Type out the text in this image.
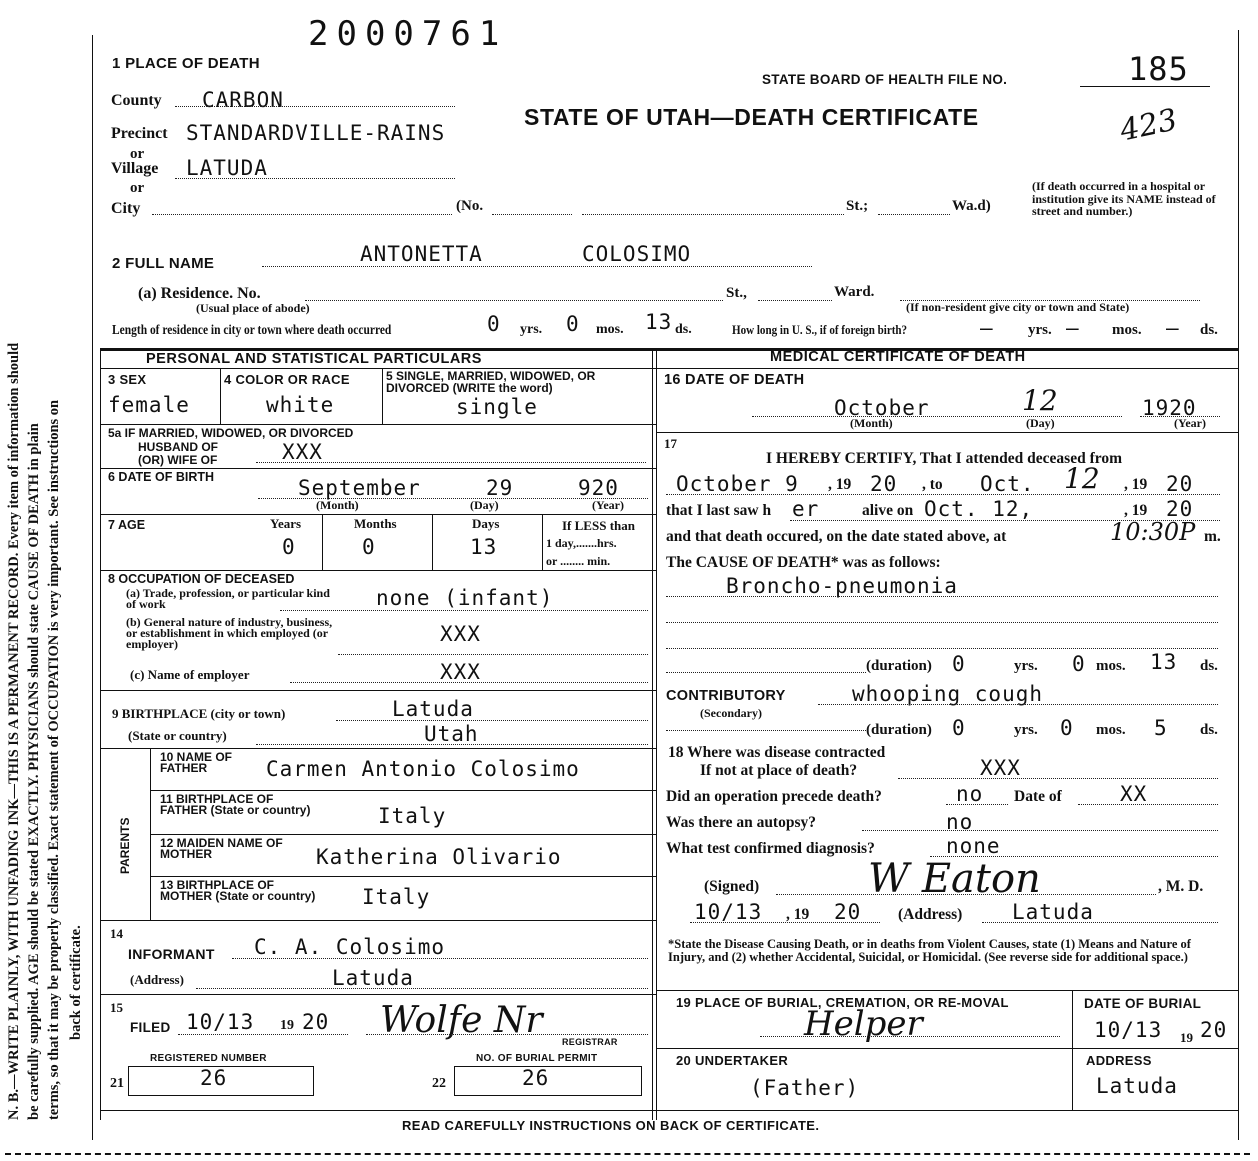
N. B.—WRITE PLAINLY, WITH UNFADING INK—THIS IS A PERMANENT RECORD. Every item of information should be carefully supplied. AGE should be stated EXACTLY. PHYSICIANS should state CAUSE OF DEATH in plain terms, so that it may be properly classified. Exact statement of OCCUPATION is very important. See instructions on back of certificate.
2000761
1 PLACE OF DEATH
STATE BOARD OF HEALTH FILE NO.	185
423
STATE OF UTAH—DEATH CERTIFICATE
County CARBON
Precinct STANDARDVILLE-RAINS
or
Village LATUDA
or
City	(No.	St.;	Wa.d)
(If death occurred in a hospital or institution give its NAME instead of street and number.)
2 FULL NAME	ANTONETTA	COLOSIMO
(a) Residence. No.
(Usual place of abode)
St.,	Ward.
(If non-resident give city or town and State)
Length of residence in city or town where death occurred	0 yrs. 0 mos. 13 ds.	How long in U. S., if of foreign birth?	— yrs. — mos. — ds.
PERSONAL AND STATISTICAL PARTICULARS	MEDICAL CERTIFICATE OF DEATH
3 SEX
female
4 COLOR OR RACE
white
5 SINGLE, MARRIED, WIDOWED, OR DIVORCED (WRITE the word)
single
5a IF MARRIED, WIDOWED, OR DIVORCED
HUSBAND OF
(OR) WIFE OF	XXX
6 DATE OF BIRTH	September	29	920
(Month)	(Day)	(Year)
7 AGE	Years	Months	Days
0	0	13
If LESS than
1 day,.......hrs.
or ........ min.
8 OCCUPATION OF DECEASED
(a) Trade, profession, or particular kind of work	none (infant)
(b) General nature of industry, business, or establishment in which employed (or employer)	XXX
(c) Name of employer	XXX
9 BIRTHPLACE (city or town)	Latuda
(State or country)	Utah
PARENTS
10 NAME OF FATHER	Carmen Antonio Colosimo
11 BIRTHPLACE OF FATHER (State or country)	Italy
12 MAIDEN NAME OF MOTHER	Katherina Olivario
13 BIRTHPLACE OF MOTHER (State or country) Italy
14
INFORMANT C. A. Colosimo
(Address)	Latuda
15
FILED 10/13 19 20 Wolfe Nr
REGISTRAR
REGISTERED NUMBER	NO. OF BURIAL PERMIT
21	26	22	26
16 DATE OF DEATH
October	12	1920
(Month)	(Day)	(Year)
17
I HEREBY CERTIFY, That I attended deceased from
October 9 , 19 20 , to Oct. 12 , 19 20
that I last saw h er	alive on Oct. 12,	, 19 20
and that death occured, on the date stated above, at	10:30P m.
The CAUSE OF DEATH* was as follows:
Broncho-pneumonia
(duration) 0	yrs. 0 mos. 13 ds.
CONTRIBUTORY
(Secondary)
whooping cough
(duration) 0	yrs. 0 mos. 5 ds.
18 Where was disease contracted
If not at place of death?	XXX
Did an operation precede death?	no Date of	XX
Was there an autopsy?	no
What test confirmed diagnosis?	none
(Signed)	W Eaton	, M. D.
10/13 , 19 20 (Address) Latuda
*State the Disease Causing Death, or in deaths from Violent Causes, state (1) Means and Nature of Injury, and (2) whether Accidental, Suicidal, or Homicidal. (See reverse side for additional space.)
19 PLACE OF BURIAL, CREMATION, OR RE-MOVAL
Helper
DATE OF BURIAL
10/13 19 20
20 UNDERTAKER
(Father)
ADDRESS
Latuda
READ CAREFULLY INSTRUCTIONS ON BACK OF CERTIFICATE.
